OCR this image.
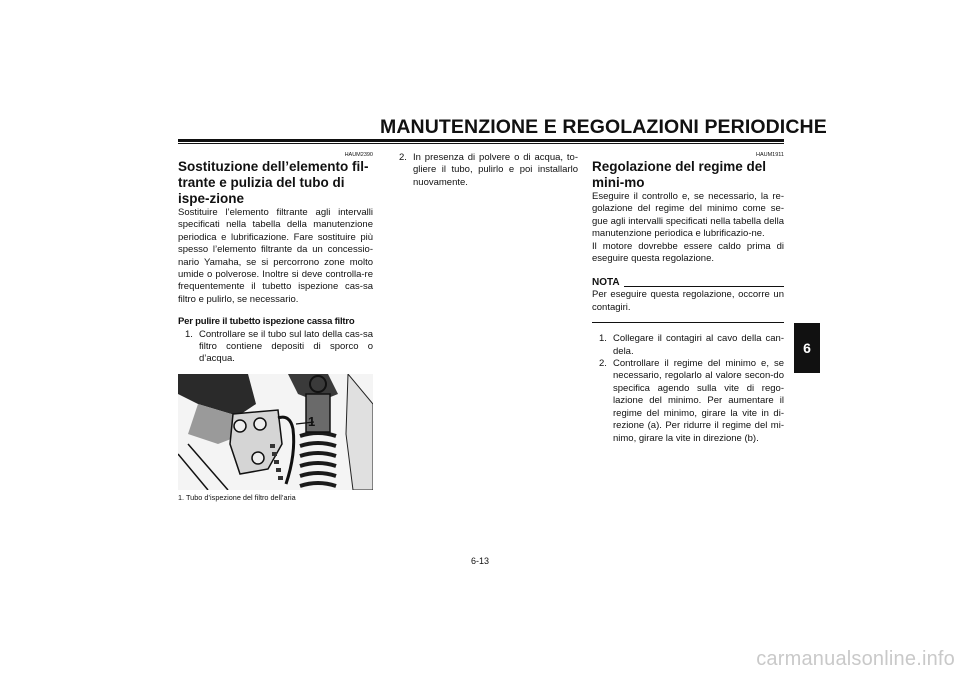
MANUTENZIONE E REGOLAZIONI PERIODICHE
6
HAUM2390
Sostituzione dell’elemento fil-trante e pulizia del tubo di ispe-zione

Sostituire l’elemento filtrante agli intervalli specificati nella tabella della manutenzione periodica e lubrificazione. Fare sostituire più spesso l’elemento filtrante da un concessio-nario Yamaha, se si percorrono zone molto umide o polverose. Inoltre si deve controlla-re frequentemente il tubetto ispezione cas-sa filtro e pulirlo, se necessario.

Per pulire il tubetto ispezione cassa filtro
1. Controllare se il tubo sul lato della cas-sa filtro contiene depositi di sporco o d’acqua.
1
1. Tubo d’ispezione del filtro dell’aria
2. In presenza di polvere o di acqua, to-gliere il tubo, pulirlo e poi installarlo nuovamente.
HAUM1911
Regolazione del regime del mini-mo

Eseguire il controllo e, se necessario, la re-golazione del regime del minimo come se-gue agli intervalli specificati nella tabella della manutenzione periodica e lubrificazio-ne.

Il motore dovrebbe essere caldo prima di eseguire questa regolazione.

NOTA

Per eseguire questa regolazione, occorre un contagiri.

1. Collegare il contagiri al cavo della can-dela.
2. Controllare il regime del minimo e, se necessario, regolarlo al valore secon-do specifica agendo sulla vite di rego-lazione del minimo. Per aumentare il regime del minimo, girare la vite in di-rezione (a). Per ridurre il regime del mi-nimo, girare la vite in direzione (b).
6-13
carmanualsonline.info
